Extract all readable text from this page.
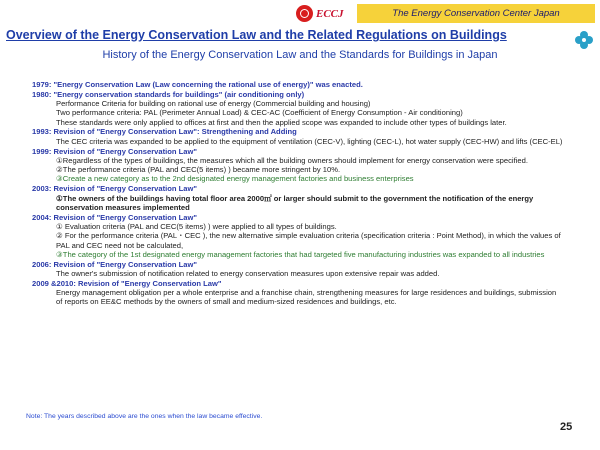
ECCJ	The Energy Conservation Center Japan
Overview of the Energy Conservation Law and the Related Regulations on Buildings
History of the Energy Conservation Law and the Standards for Buildings in Japan
1979: "Energy Conservation Law (Law concerning the rational use of energy)" was enacted.
1980: "Energy conservation standards for buildings" (air conditioning only)
Performance Criteria for building on rational use of energy (Commercial building and housing)
Two performance criteria: PAL (Perimeter Annual Load) & CEC-AC (Coefficient of Energy Consumption - Air conditioning)
These standards were only applied to offices at first and then the applied scope was expanded to include other types of buildings later.
1993: Revision of "Energy Conservation Law": Strengthening and Adding
The CEC criteria was expanded to be applied to the equipment of ventilation (CEC-V), lighting (CEC-L), hot water supply (CEC-HW) and lifts (CEC-EL)
1999: Revision of "Energy Conservation Law"
①Regardless of the types of buildings, the measures which all the building owners should implement for energy conservation were specified.
②The performance criteria (PAL and CEC(5 items) ) became more stringent by 10%.
③Create a new category as to the 2nd designated energy management factories and business enterprises
2003: Revision of "Energy Conservation Law"
①The owners of the buildings having total floor area 2000㎡ or larger should submit to the government the notification of the energy conservation measures implemented
2004: Revision of "Energy Conservation Law"
① Evaluation criteria (PAL and CEC(5 items) ) were applied to all types of buildings.
② For the performance criteria (PAL・CEC ), the new alternative simple evaluation criteria (specification criteria : Point Method), in which the values of PAL and CEC need not be calculated,
③The category of the 1st designated energy management factories that had targeted five manufacturing industries was expanded to all industries
2006: Revision of "Energy Conservation Law"
The owner's submission of notification related to energy conservation measures upon extensive repair was added.
2009 &2010: Revision of "Energy Conservation Law"
Energy management obligation per a whole enterprise and a franchise chain, strengthening measures for large residences and buildings, submission of reports on EE&C methods by the owners of small and medium-sized residences and buildings, etc.
Note: The years described above are the ones when the law became effective.
25
